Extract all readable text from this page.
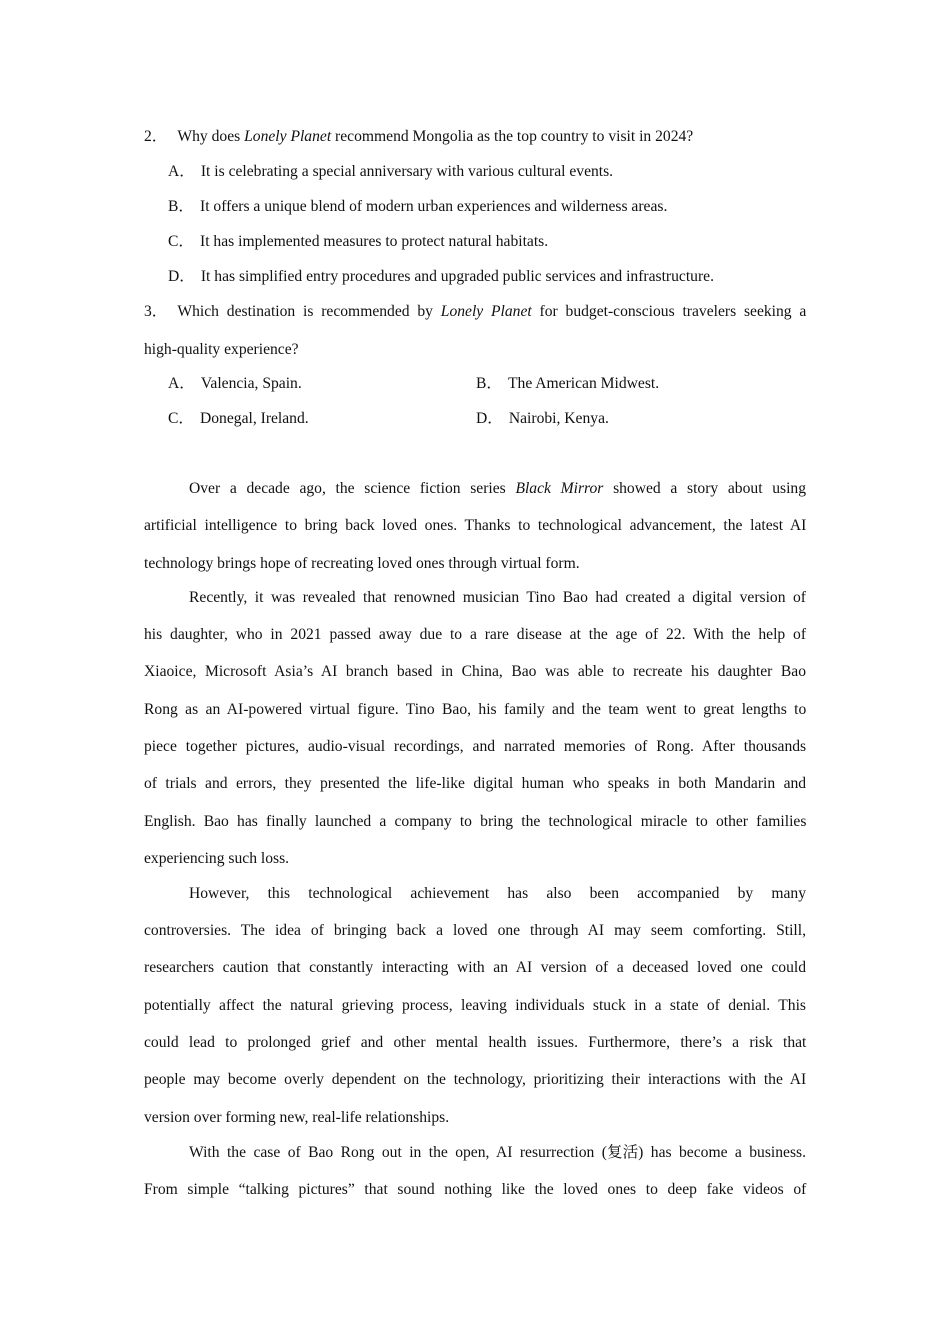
2． Why does Lonely Planet recommend Mongolia as the top country to visit in 2024?
A． It is celebrating a special anniversary with various cultural events.
B． It offers a unique blend of modern urban experiences and wilderness areas.
C． It has implemented measures to protect natural habitats.
D． It has simplified entry procedures and upgraded public services and infrastructure.
3． Which destination is recommended by Lonely Planet for budget-conscious travelers seeking a
high-quality experience?
A． Valencia, Spain.	B． The American Midwest.
C． Donegal, Ireland.	D． Nairobi, Kenya.
Over a decade ago, the science fiction series Black Mirror showed a story about using
artificial intelligence to bring back loved ones. Thanks to technological advancement, the latest AI
technology brings hope of recreating loved ones through virtual form.
Recently, it was revealed that renowned musician Tino Bao had created a digital version of
his daughter, who in 2021 passed away due to a rare disease at the age of 22. With the help of
Xiaoice, Microsoft Asia’s AI branch based in China, Bao was able to recreate his daughter Bao
Rong as an AI-powered virtual figure. Tino Bao, his family and the team went to great lengths to
piece together pictures, audio-visual recordings, and narrated memories of Rong. After thousands
of trials and errors, they presented the life-like digital human who speaks in both Mandarin and
English. Bao has finally launched a company to bring the technological miracle to other families
experiencing such loss.
However, this technological achievement has also been accompanied by many
controversies. The idea of bringing back a loved one through AI may seem comforting. Still,
researchers caution that constantly interacting with an AI version of a deceased loved one could
potentially affect the natural grieving process, leaving individuals stuck in a state of denial. This
could lead to prolonged grief and other mental health issues. Furthermore, there’s a risk that
people may become overly dependent on the technology, prioritizing their interactions with the AI
version over forming new, real-life relationships.
With the case of Bao Rong out in the open, AI resurrection (复活) has become a business.
From simple “talking pictures” that sound nothing like the loved ones to deep fake videos of
